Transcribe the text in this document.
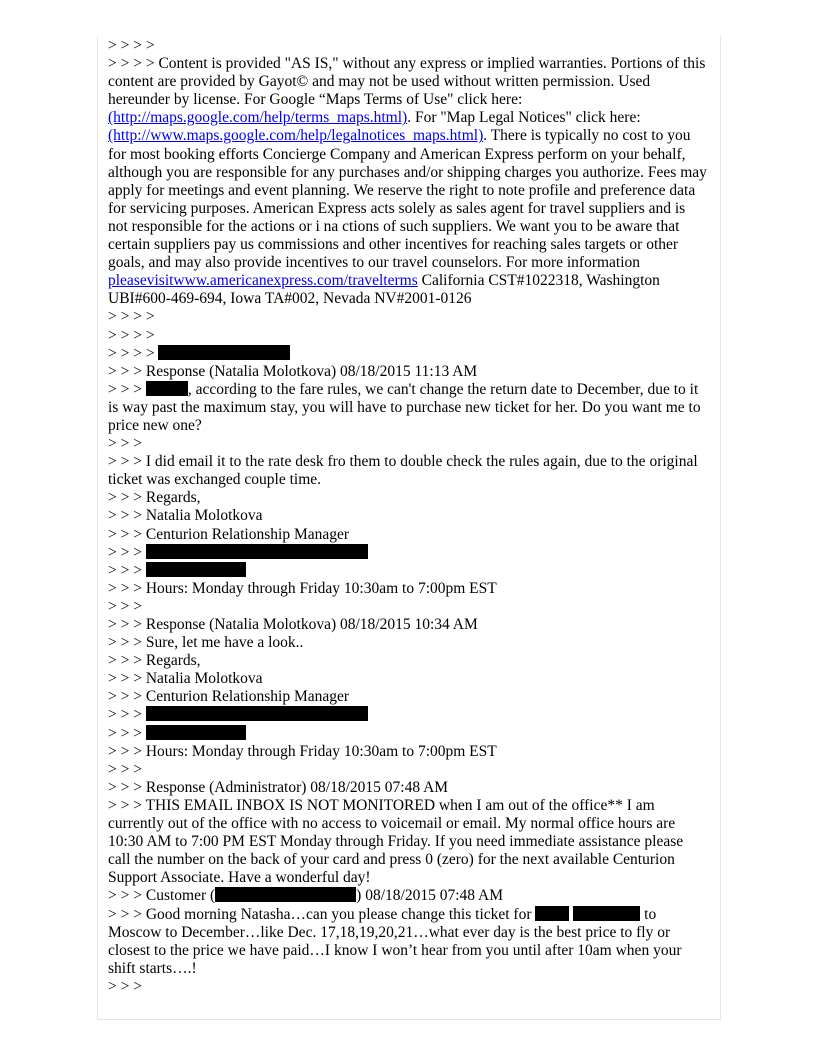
> > > >
> > > > Content is provided "AS IS," without any express or implied warranties. Portions of this content are provided by Gayot© and may not be used without written permission. Used hereunder by license. For Google “Maps Terms of Use" click here: (http://maps.google.com/help/terms_maps.html). For "Map Legal Notices" click here: (http://www.maps.google.com/help/legalnotices_maps.html). There is typically no cost to you for most booking efforts Concierge Company and American Express perform on your behalf, although you are responsible for any purchases and/or shipping charges you authorize. Fees may apply for meetings and event planning. We reserve the right to note profile and preference data for servicing purposes. American Express acts solely as sales agent for travel suppliers and is not responsible for the actions or i na ctions of such suppliers. We want you to be aware that certain suppliers pay us commissions and other incentives for reaching sales targets or other goals, and may also provide incentives to our travel counselors. For more information pleasevisitwww.americanexpress.com/travelterms California CST#1022318, Washington UBI#600-469-694, Iowa TA#002, Nevada NV#2001-0126
> > > >
> > > >
> > > >
> > > Response (Natalia Molotkova) 08/18/2015 11:13 AM
> > >	, according to the fare rules, we can't change the return date to December, due to it is way past the maximum stay, you will have to purchase new ticket for her. Do you want me to price new one?
> > >
> > > I did email it to the rate desk fro them to double check the rules again, due to the original ticket was exchanged couple time.
> > > Regards,
> > > Natalia Molotkova
> > > Centurion Relationship Manager
> > >
> > >
> > > Hours: Monday through Friday 10:30am to 7:00pm EST
> > >
> > > Response (Natalia Molotkova) 08/18/2015 10:34 AM
> > > Sure, let me have a look..
> > > Regards,
> > > Natalia Molotkova
> > > Centurion Relationship Manager
> > >
> > >
> > > Hours: Monday through Friday 10:30am to 7:00pm EST
> > >
> > > Response (Administrator) 08/18/2015 07:48 AM
> > > THIS EMAIL INBOX IS NOT MONITORED when I am out of the office** I am currently out of the office with no access to voicemail or email. My normal office hours are 10:30 AM to 7:00 PM EST Monday through Friday. If you need immediate assistance please call the number on the back of your card and press 0 (zero) for the next available Centurion Support Associate. Have a wonderful day!
> > > Customer (	) 08/18/2015 07:48 AM
> > > Good morning Natasha…can you please change this ticket for	to Moscow to December…like Dec. 17,18,19,20,21…what ever day is the best price to fly or closest to the price we have paid…I know I won’t hear from you until after 10am when your shift starts….!
> > >
